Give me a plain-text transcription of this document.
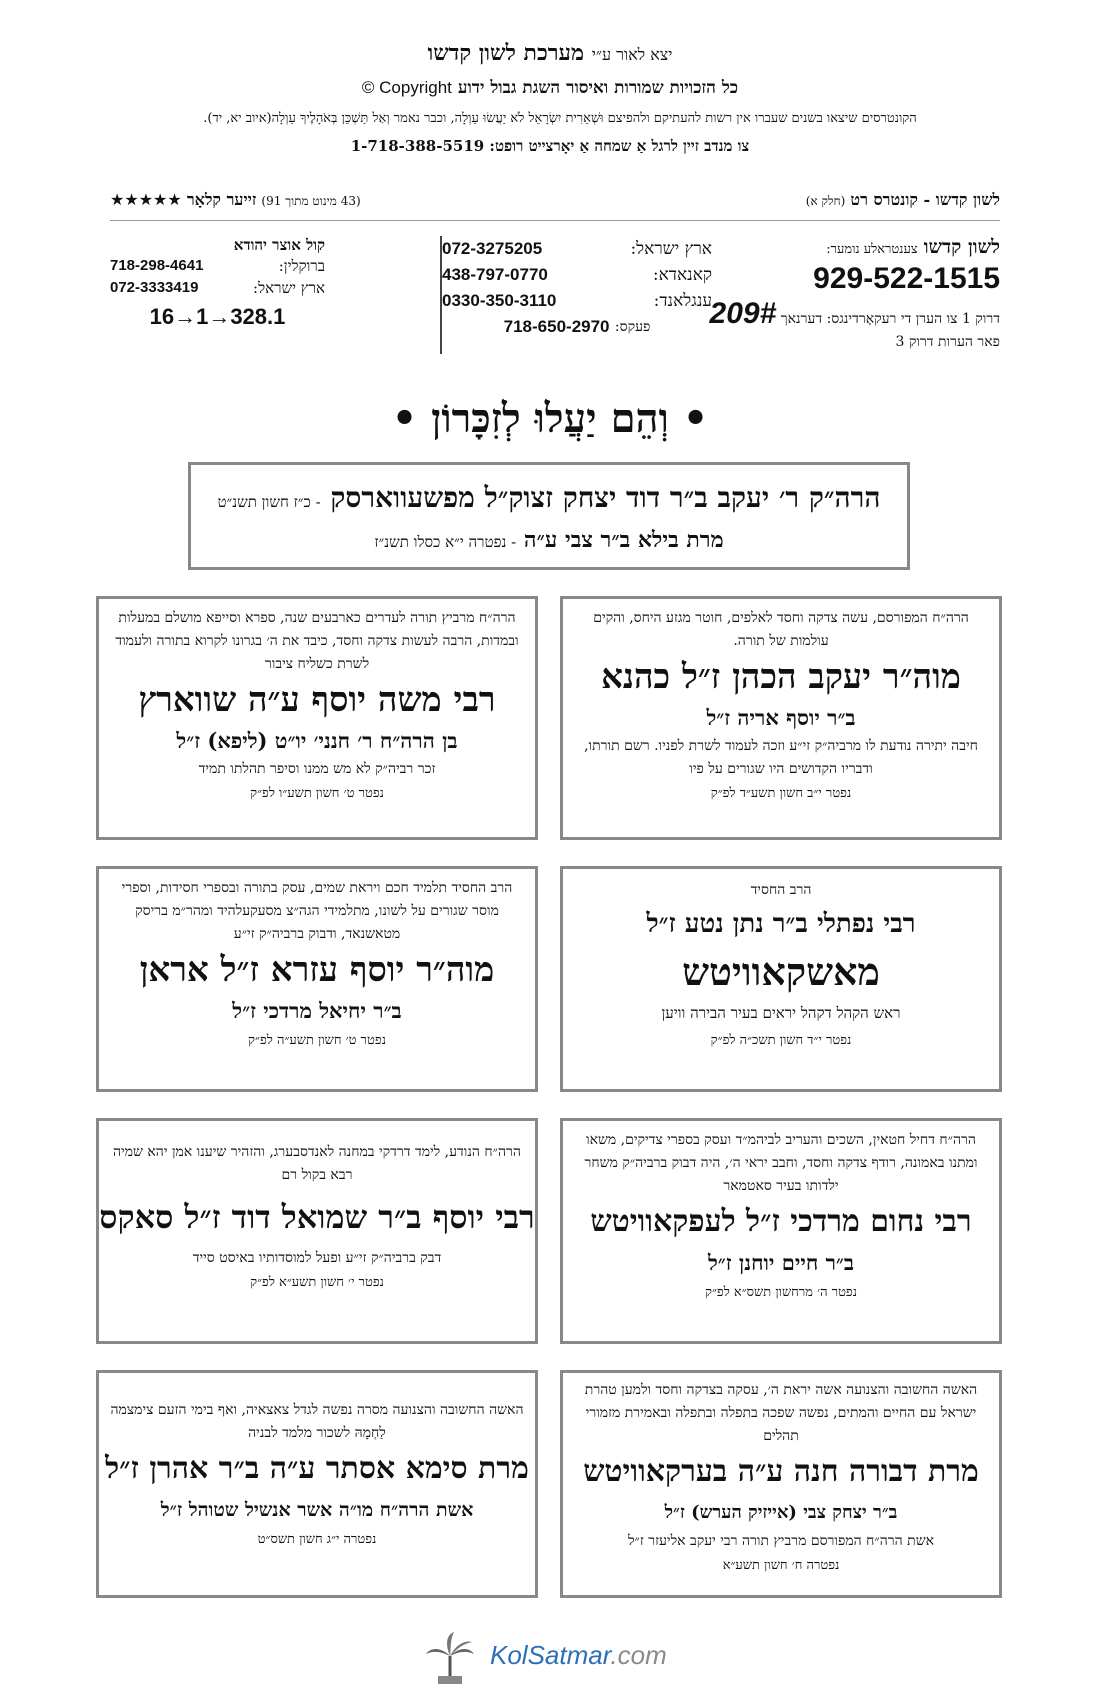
יצא לאור ע״י מערכת לשון קדשו
כל הזכויות שמורות ואיסור השגת גבול ידוע Copyright ©
הקונטרסים שיצאו בשנים שעברו אין רשות להעתיקם ולהפיצם וּשְׁאֵרִית יִשְׂרָאֵל לֹא יַעֲשׂוּ עַוְלָה, וכבר נאמר וְאַל תַּשְׁכֵּן בְּאֹהָלֶיךָ עַוְלָה(איוב יא, יד).
צו מנדב זיין לרגל אַ שמחה אַ יאָרצייט רופט: 1-718-388-5519
לשון קדשו - קונטרס רט (חלק א)
(43 מינוט מתוך 91) זייער קלאָר ★★★★★
לשון קדשו צענטראלע נומער:
929-522-1515
דרוק 1 צו הערן די רעקאָרדינגס: דערנאך 209#
פאר הערות דרוק 3
ארץ ישראל:
072-3275205
קאנאדא:
438-797-0770
ענגלאנד:
0330-350-3110
פעקס:

718-650-2970
קול אוצר יהודא
ברוקלין:
718-298-4641
ארץ ישראל:
072-3333419
16→1→328.1
• וְהֵם יַעֲלוּ לְזִכָּרוֹן •
הרה״ק ר׳ יעקב ב״ר דוד יצחק זצוק״ל מפשעווארסק - כ״ז חשון תשנ״ט
מרת בילא ב״ר צבי ע״ה - נפטרה י״א כסלו תשנ״ז

הרה״ח המפורסם, עשה צדקה וחסד לאלפים, חוטר מגזע היחס, והקים עולמות של תורה.

מוה״ר יעקב הכהן ז״ל כהנא

ב״ר יוסף אריה ז״ל

חיבה יתירה נודעת לו מרביה״ק זי״ע וזכה לעמוד לשרת לפניו. רשם תורתו, ודבריו הקדושים היו שגורים על פיו

נפטר י״ב חשון תשע״ד לפ״ק

הרה״ח מרביץ תורה לעדרים כארבעים שנה, ספרא וסייפא מושלם במעלות ובמדות, הרבה לעשות צדקה וחסד, כיבד את ה׳ בגרונו לקרוא בתורה ולעמוד לשרת כשליח ציבור

רבי משה יוסף ע״ה שווארץ

בן הרה״ח ר׳ חנני׳ יו״ט (ליפא) ז״ל

זכר רביה״ק לא מש ממנו וסיפר תהלתו תמיד

נפטר ט׳ חשון תשע״ו לפ״ק

הרב החסיד

רבי נפתלי ב״ר נתן נטע ז״ל

מאשקאוויטש

ראש הקהל דקהל יראים בעיר הבירה וויען

נפטר י״ד חשון תשכ״ה לפ״ק

הרב החסיד תלמיד חכם ויראת שמים, עסק בתורה ובספרי חסידות, וספרי מוסר שגורים על לשונו, מתלמידי הגה״צ מסעקעלהיד ומהר״מ בריסק מטאשנאד, ודבוק ברביה״ק זי״ע

מוה״ר יוסף עזרא ז״ל אראן

ב״ר יחיאל מרדכי ז״ל

נפטר ט׳ חשון תשע״ה לפ״ק

הרה״ח דחיל חטאין, השכים והעריב לביהמ״ד ועסק בספרי צדיקים, משאו ומתנו באמונה, רודף צדקה וחסד, וחבב יראי ה׳, היה דבוק ברביה״ק משחר ילדותו בעיר סאטמאר

רבי נחום מרדכי ז״ל לעפקאוויטש

ב״ר חיים יוחנן ז״ל

נפטר ה׳ מרחשון תשס״א לפ״ק

הרה״ח הנודע, לימד דרדקי במחנה לאנדסבערג, והזהיר שיענו אמן יהא שמיה רבא בקול רם

רבי יוסף ב״ר שמואל דוד ז״ל סאקס

דבק ברביה״ק זי״ע ופעל למוסדותיו באיסט סייד

נפטר י׳ חשון תשע״א לפ״ק

האשה החשובה והצנועה אשה יראת ה׳, עסקה בצדקה וחסד ולמען טהרת ישראל עם החיים והמתים, נפשה שפכה בתפלה ובתפלה ובאמירת מזמורי תהלים

מרת דבורה חנה ע״ה בערקאוויטש

ב״ר יצחק צבי (אייזיק הערש) ז״ל

אשת הרה״ח המפורסם מרביץ תורה רבי יעקב אליעזר ז״ל

נפטרה ח׳ חשון תשע״א

האשה החשובה והצנועה מסרה נפשה לגדל צאצאיה, ואף בימי הזעם צימצמה לַחְמָהּ לשכור מלמד לבניה

מרת סימא אסתר ע״ה ב״ר אהרן ז״ל

אשת הרה״ח מו״ה אשר אנשיל שטוהל ז״ל

נפטרה י״ג חשון תשס״ט

KolSatmar.com
